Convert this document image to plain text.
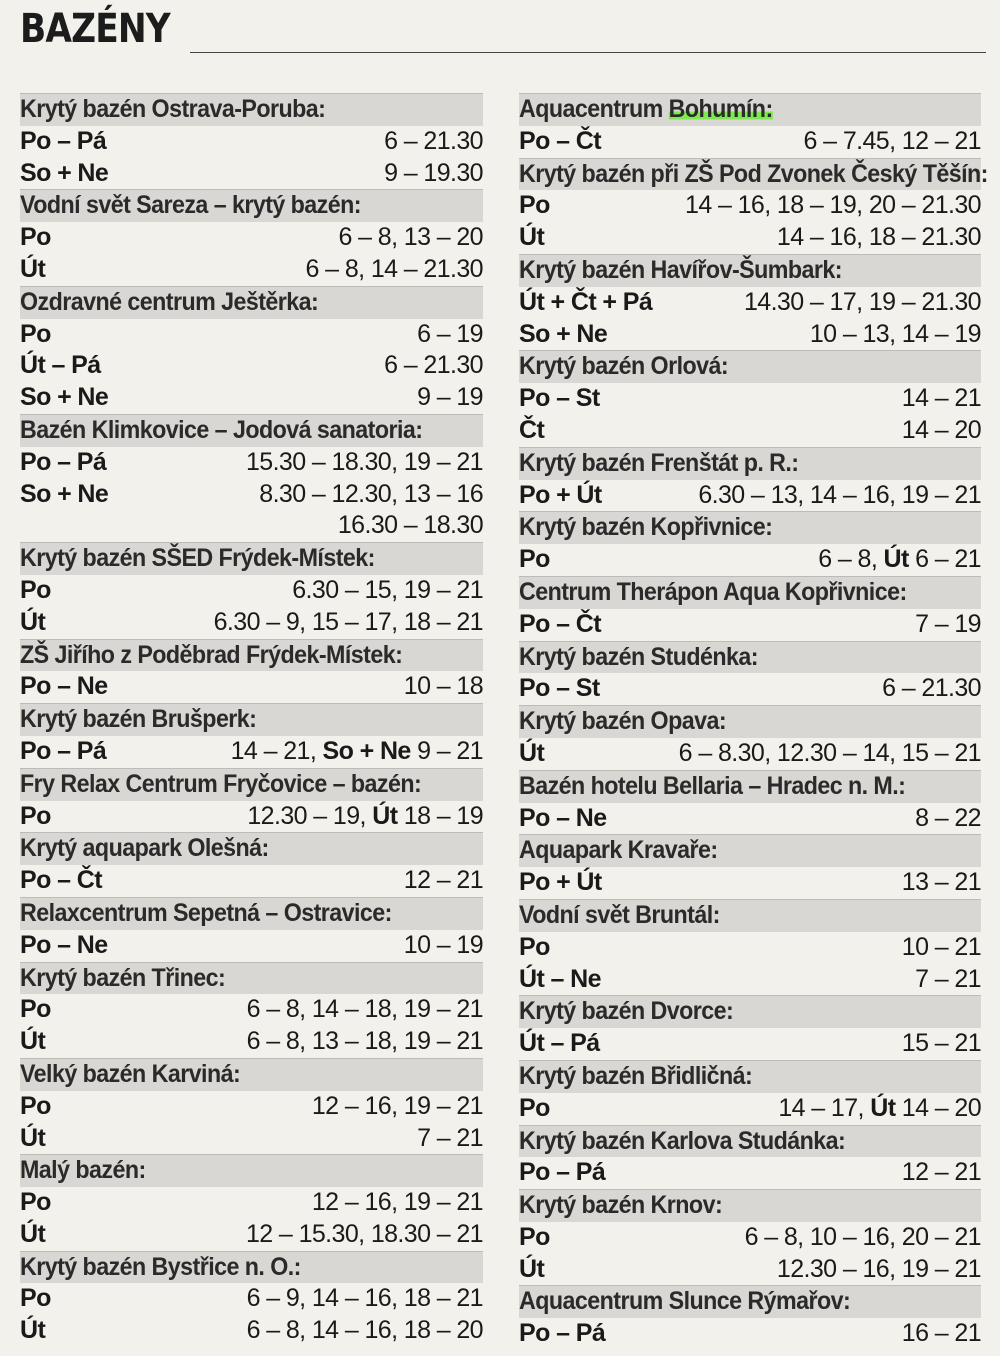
BAZÉNY
Krytý bazén Ostrava-Poruba:
Po – Pá	6 – 21.30
So + Ne	9 – 19.30
Vodní svět Sareza – krytý bazén:
Po	6 – 8, 13 – 20
Út	6 – 8, 14 – 21.30
Ozdravné centrum Ještěrka:
Po	6 – 19
Út – Pá	6 – 21.30
So + Ne	9 – 19
Bazén Klimkovice – Jodová sanatoria:
Po – Pá	15.30 – 18.30, 19 – 21
So + Ne	8.30 – 12.30, 13 – 16
16.30 – 18.30
Krytý bazén SŠED Frýdek-Místek:
Po	6.30 – 15, 19 – 21
Út	6.30 – 9, 15 – 17, 18 – 21
ZŠ Jiřího z Poděbrad Frýdek-Místek:
Po – Ne	10 – 18
Krytý bazén Brušperk:
Po – Pá	14 – 21, So + Ne 9 – 21
Fry Relax Centrum Fryčovice – bazén:
Po	12.30 – 19, Út 18 – 19
Krytý aquapark Olešná:
Po – Čt	12 – 21
Relaxcentrum Sepetná – Ostravice:
Po – Ne	10 – 19
Krytý bazén Třinec:
Po	6 – 8, 14 – 18, 19 – 21
Út	6 – 8, 13 – 18, 19 – 21
Velký bazén Karviná:
Po	12 – 16, 19 – 21
Út	7 – 21
Malý bazén:
Po	12 – 16, 19 – 21
Út	12 – 15.30, 18.30 – 21
Krytý bazén Bystřice n. O.:
Po	6 – 9, 14 – 16, 18 – 21
Út	6 – 8, 14 – 16, 18 – 20
Aquacentrum Bohumín:
Po – Čt	6 – 7.45, 12 – 21
Krytý bazén při ZŠ Pod Zvonek Český Těšín:
Po	14 – 16, 18 – 19, 20 – 21.30
Út	14 – 16, 18 – 21.30
Krytý bazén Havířov-Šumbark:
Út + Čt + Pá	14.30 – 17, 19 – 21.30
So + Ne	10 – 13, 14 – 19
Krytý bazén Orlová:
Po – St	14 – 21
Čt	14 – 20
Krytý bazén Frenštát p. R.:
Po + Út	6.30 – 13, 14 – 16, 19 – 21
Krytý bazén Kopřivnice:
Po	6 – 8, Út 6 – 21
Centrum Therápon Aqua Kopřivnice:
Po – Čt	7 – 19
Krytý bazén Studénka:
Po – St	6 – 21.30
Krytý bazén Opava:
Út	6 – 8.30, 12.30 – 14, 15 – 21
Bazén hotelu Bellaria – Hradec n. M.:
Po – Ne	8 – 22
Aquapark Kravaře:
Po + Út	13 – 21
Vodní svět Bruntál:
Po	10 – 21
Út – Ne	7 – 21
Krytý bazén Dvorce:
Út – Pá	15 – 21
Krytý bazén Břidličná:
Po	14 – 17, Út 14 – 20
Krytý bazén Karlova Studánka:
Po – Pá	12 – 21
Krytý bazén Krnov:
Po	6 – 8, 10 – 16, 20 – 21
Út	12.30 – 16, 19 – 21
Aquacentrum Slunce Rýmařov:
Po – Pá	16 – 21
